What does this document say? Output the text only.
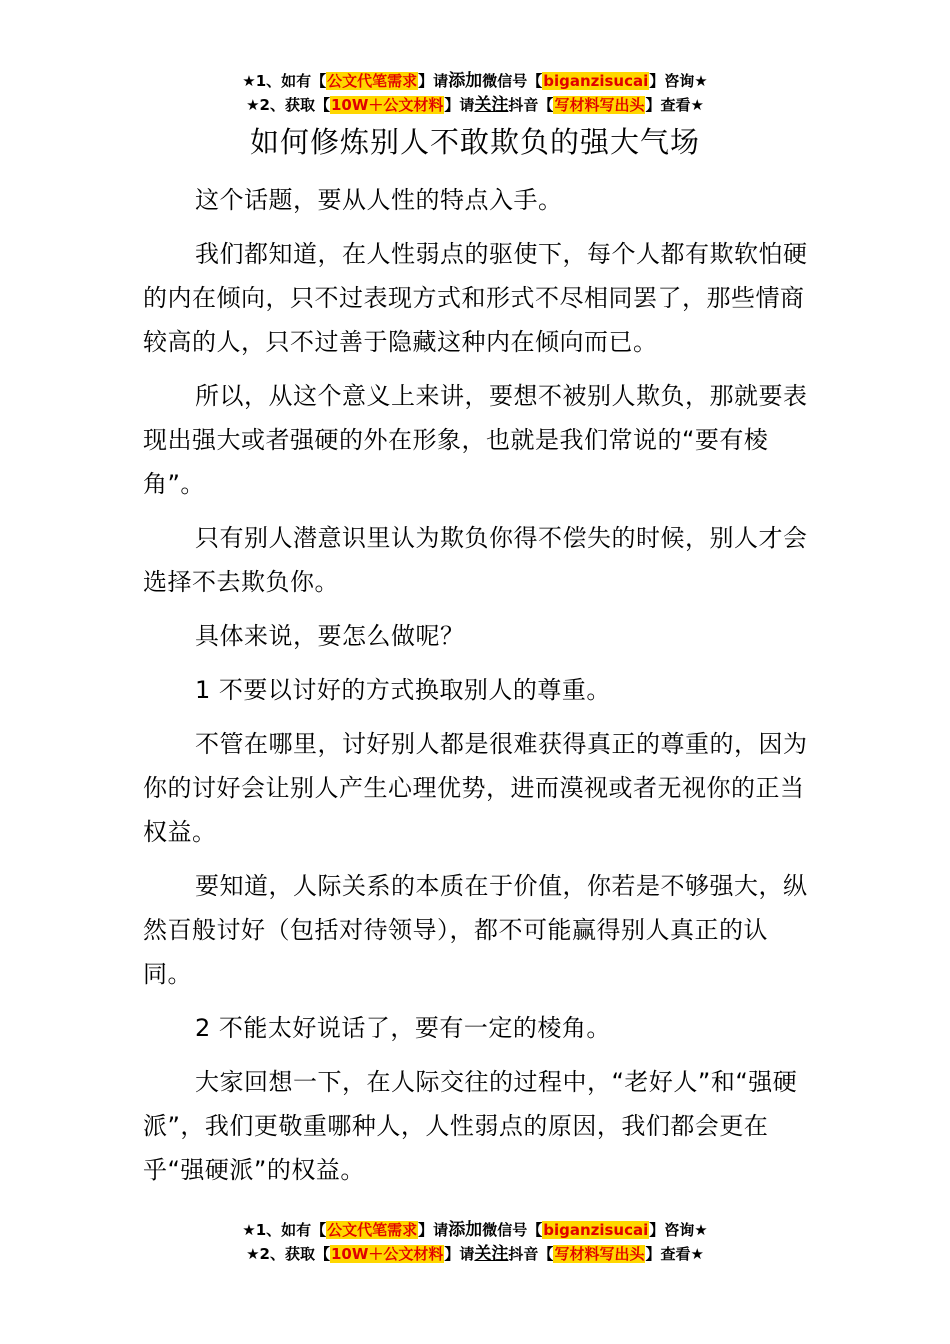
★1、如有【公文代笔需求】请添加微信号【biganzisucai】咨询★
★2、获取【10W＋公文材料】请关注抖音【写材料写出头】查看★
如何修炼别人不敢欺负的强大气场

这个话题，要从人性的特点入手。

我们都知道，在人性弱点的驱使下，每个人都有欺软怕硬的内在倾向，只不过表现方式和形式不尽相同罢了，那些情商较高的人，只不过善于隐藏这种内在倾向而已。

所以，从这个意义上来讲，要想不被别人欺负，那就要表现出强大或者强硬的外在形象，也就是我们常说的“要有棱角”。

只有别人潜意识里认为欺负你得不偿失的时候，别人才会选择不去欺负你。

具体来说，要怎么做呢？

1 不要以讨好的方式换取别人的尊重。

不管在哪里，讨好别人都是很难获得真正的尊重的，因为你的讨好会让别人产生心理优势，进而漠视或者无视你的正当权益。

要知道，人际关系的本质在于价值，你若是不够强大，纵然百般讨好（包括对待领导），都不可能赢得别人真正的认同。

2 不能太好说话了，要有一定的棱角。

大家回想一下，在人际交往的过程中，“老好人”和“强硬派”，我们更敬重哪种人，人性弱点的原因，我们都会更在乎“强硬派”的权益。

★1、如有【公文代笔需求】请添加微信号【biganzisucai】咨询★
★2、获取【10W＋公文材料】请关注抖音【写材料写出头】查看★
